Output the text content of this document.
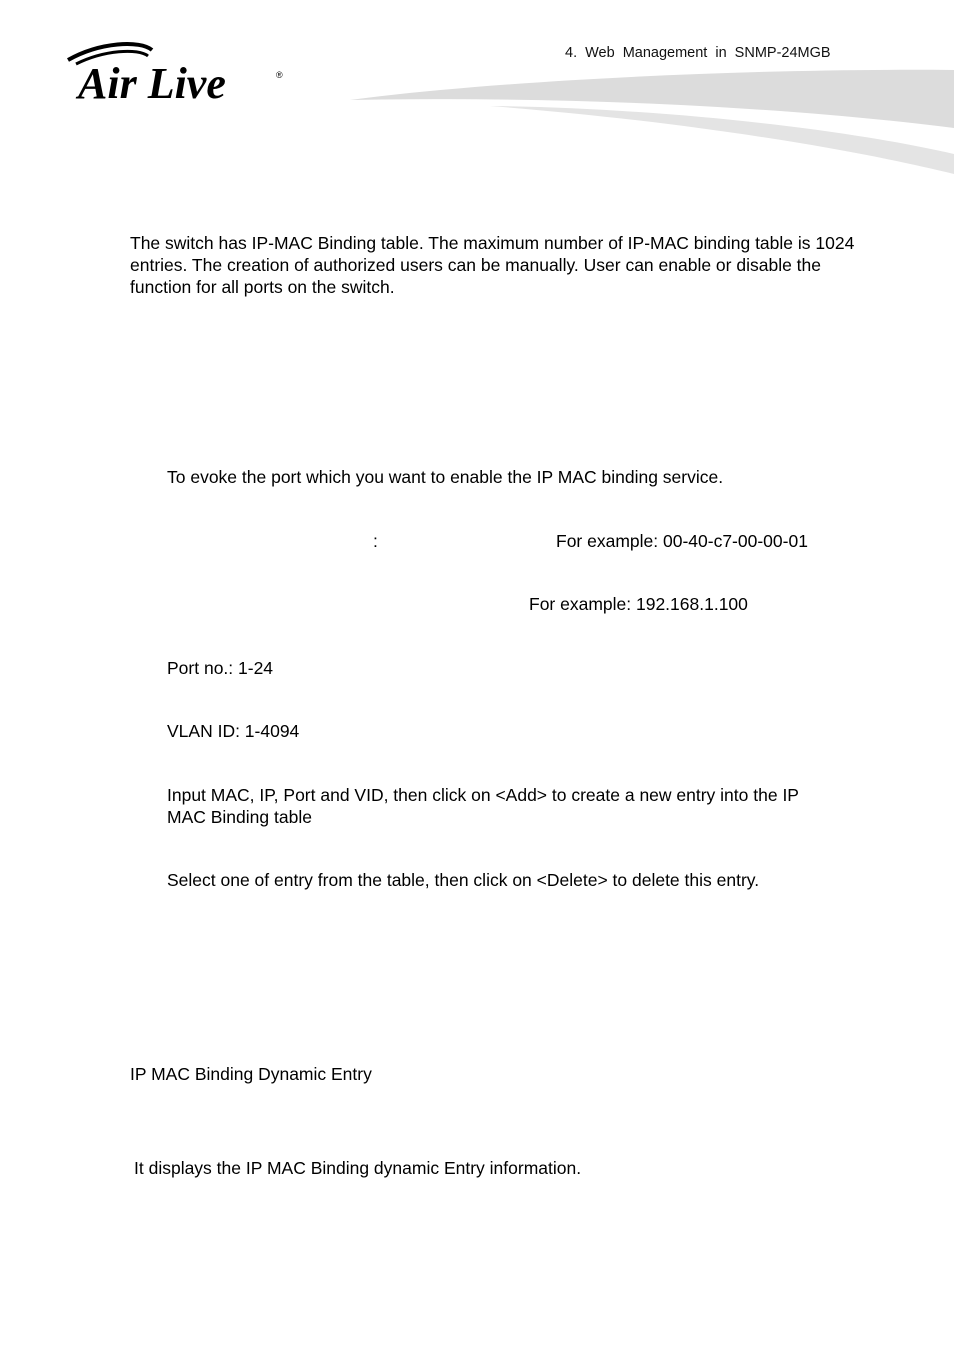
Air Live	®

4. Web Management in SNMP-24MGB

The switch has IP-MAC Binding table. The maximum number of IP-MAC binding table is 1024 entries. The creation of authorized users can be manually. User can enable or disable the function for all ports on the switch.

To evoke the port which you want to enable the IP MAC binding service.

:	For example: 00-40-c7-00-00-01

For example: 192.168.1.100

Port no.: 1-24

VLAN ID: 1-4094

Input MAC, IP, Port and VID, then click on <Add> to create a new entry into the IP

MAC Binding table

Select one of entry from the table, then click on <Delete> to delete this entry.

IP MAC Binding Dynamic Entry

It displays the IP MAC Binding dynamic Entry information.
